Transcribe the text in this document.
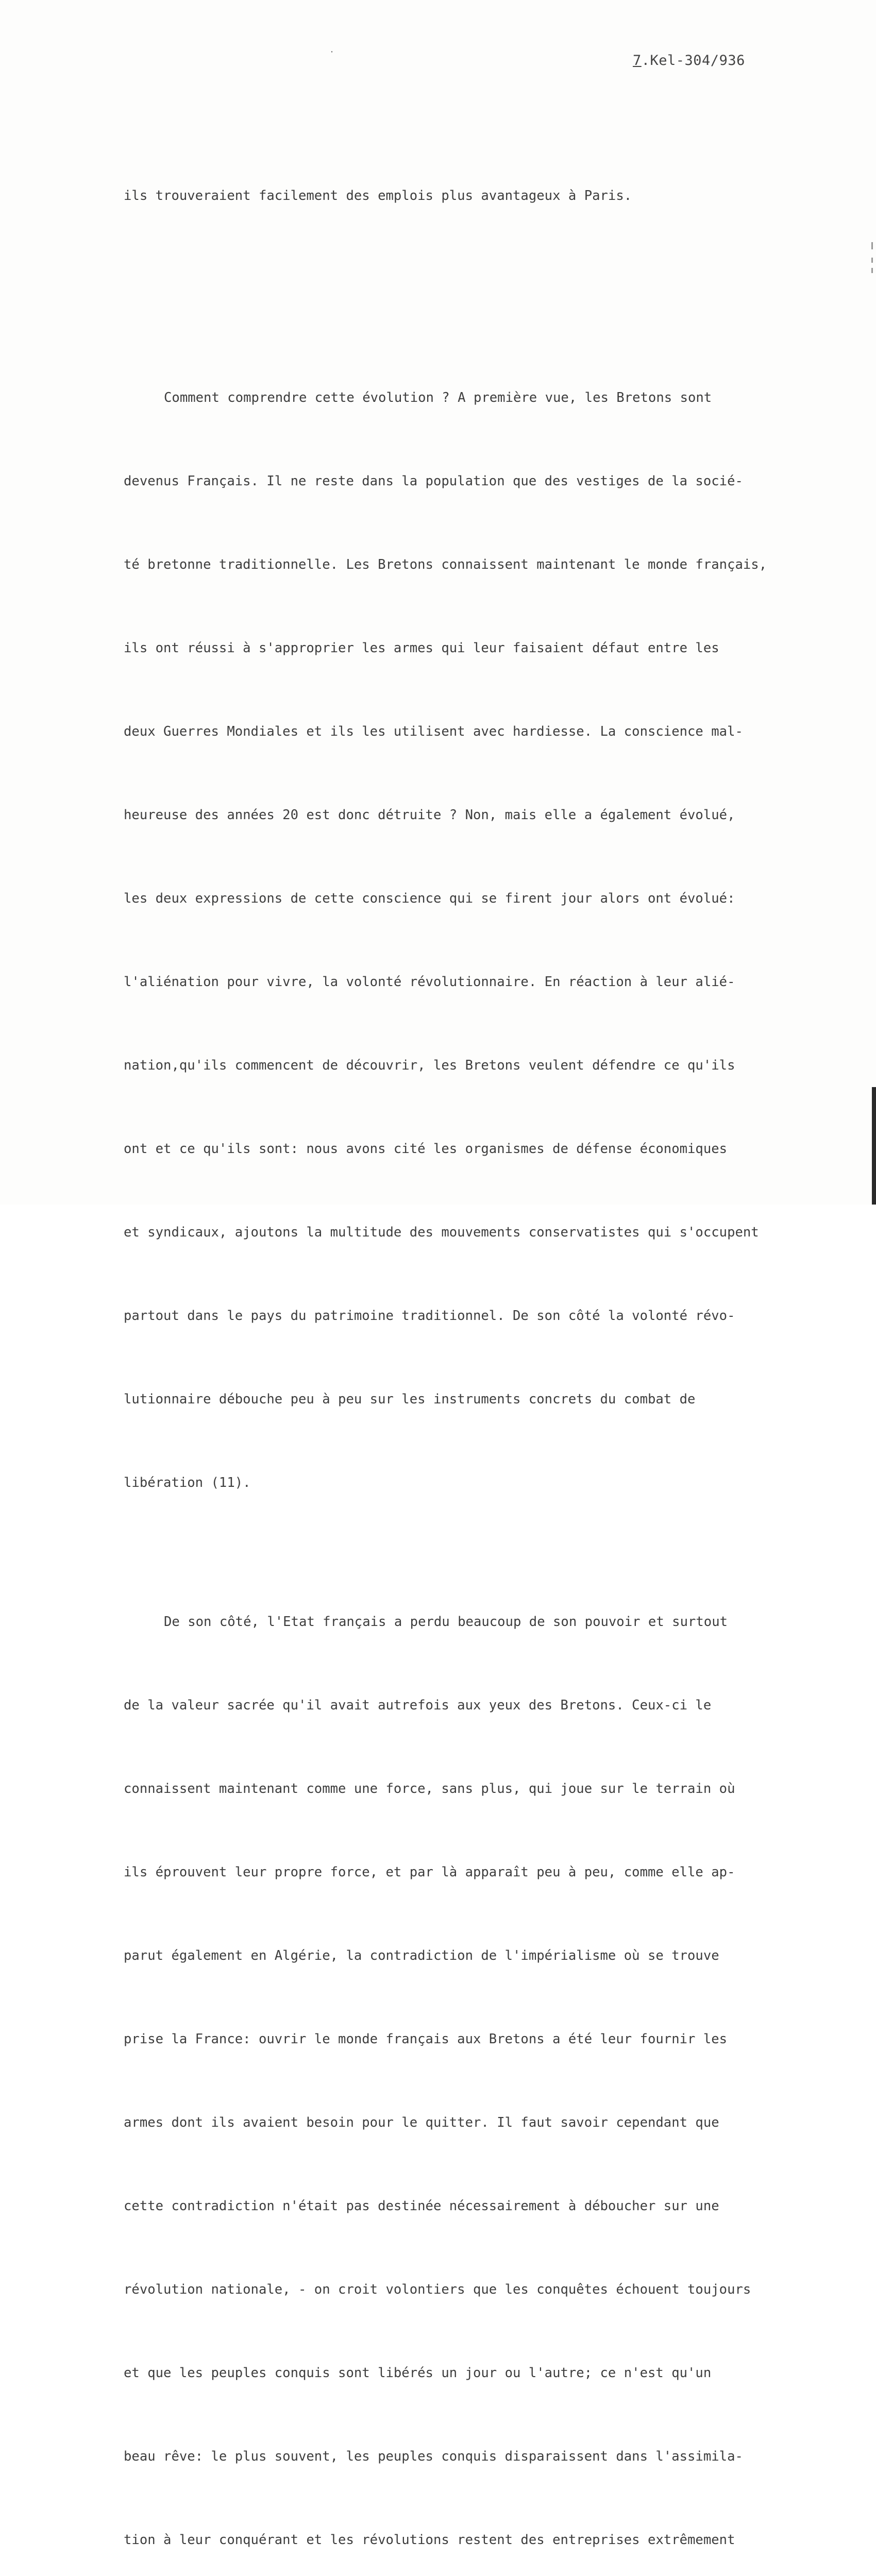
˙	7.Kel-304/936

ils trouveraient facilement des emplois plus avantageux à Paris.

Comment comprendre cette évolution ? A première vue, les Bretons sont

devenus Français. Il ne reste dans la population que des vestiges de la socié-

té bretonne traditionnelle. Les Bretons connaissent maintenant le monde français,

ils ont réussi à s'approprier les armes qui leur faisaient défaut entre les

deux Guerres Mondiales et ils les utilisent avec hardiesse. La conscience mal-

heureuse des années 20 est donc détruite ? Non, mais elle a également évolué,

les deux expressions de cette conscience qui se firent jour alors ont évolué:

l'aliénation pour vivre, la volonté révolutionnaire. En réaction à leur alié-

nation,qu'ils commencent de découvrir, les Bretons veulent défendre ce qu'ils

ont et ce qu'ils sont: nous avons cité les organismes de défense économiques

et syndicaux, ajoutons la multitude des mouvements conservatistes qui s'occupent

partout dans le pays du patrimoine traditionnel. De son côté la volonté révo-

lutionnaire débouche peu à peu sur les instruments concrets du combat de

libération (11).

De son côté, l'Etat français a perdu beaucoup de son pouvoir et surtout

de la valeur sacrée qu'il avait autrefois aux yeux des Bretons. Ceux-ci le

connaissent maintenant comme une force, sans plus, qui joue sur le terrain où

ils éprouvent leur propre force, et par là apparaît peu à peu, comme elle ap-

parut également en Algérie, la contradiction de l'impérialisme où se trouve

prise la France: ouvrir le monde français aux Bretons a été leur fournir les

armes dont ils avaient besoin pour le quitter. Il faut savoir cependant que

cette contradiction n'était pas destinée nécessairement à déboucher sur une

révolution nationale, - on croit volontiers que les conquêtes échouent toujours

et que les peuples conquis sont libérés un jour ou l'autre; ce n'est qu'un

beau rêve: le plus souvent, les peuples conquis disparaissent dans l'assimila-

tion à leur conquérant et les révolutions restent des entreprises extrêmement
